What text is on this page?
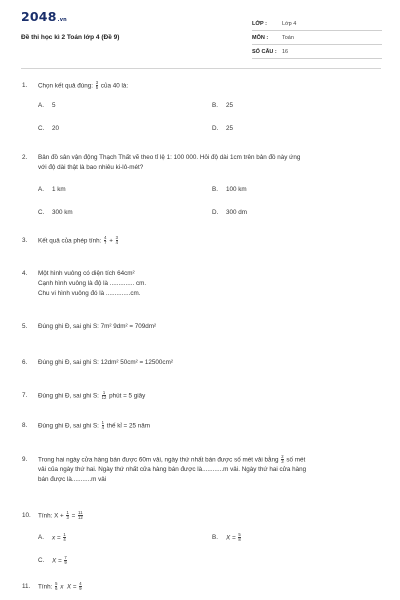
2048.vn
Đề thi học kì 2 Toán lớp 4 (Đề 9)
LỚP :	Lớp 4
MÔN :	Toán
SỐ CÂU : 16
1.	Chọn kết quả đúng: $\frac{3}{5}$ của 40 là:
A. 5	B. 25
C. 20	D. 25
2.	Bản đồ sân vận động Thạch Thất vẽ theo tỉ lệ 1: 100 000. Hỏi độ dài 1cm trên bản đồ này ứng
với độ dài thật là bao nhiêu ki-lô-mét?
A. 1 km	B. 100 km
C. 300 km	D. 300 dm
3.	Kết quả của phép tính: $\frac{4}{7} + \frac{3}{4}$
4.	Một hình vuông có diện tích 64cm²
Cạnh hình vuông là độ là .............. cm.
Chu vi hình vuông đó là ..............cm.
5.	Đúng ghi Đ, sai ghi S: 7m² 9dm² = 709dm²
6.	Đúng ghi Đ, sai ghi S: 12dm² 50cm² = 12500cm²
7.	Đúng ghi Đ, sai ghi S: $\frac{1}{12}$ phút = 5 giây
8.	Đúng ghi Đ, sai ghi S: $\frac{1}{4}$ thế kỉ = 25 năm
9.	Trong hai ngày cửa hàng bán được 60m vải, ngày thứ nhất bán được số mét vải bằng $\frac{2}{3}$ số mét
vải của ngày thứ hai. Ngày thứ nhất cửa hàng bán được là............m vải. Ngày thứ hai cửa hàng
bán được là...........m vải
10.	Tính: $X + \frac{1}{3} = \frac{11}{12}$
A. $x = \frac{1}{4}$	B. $X = \frac{5}{8}$
C. $X = \frac{7}{9}$
11.	Tính: $\frac{5}{6}$ x  $X = \frac{4}{9}$
